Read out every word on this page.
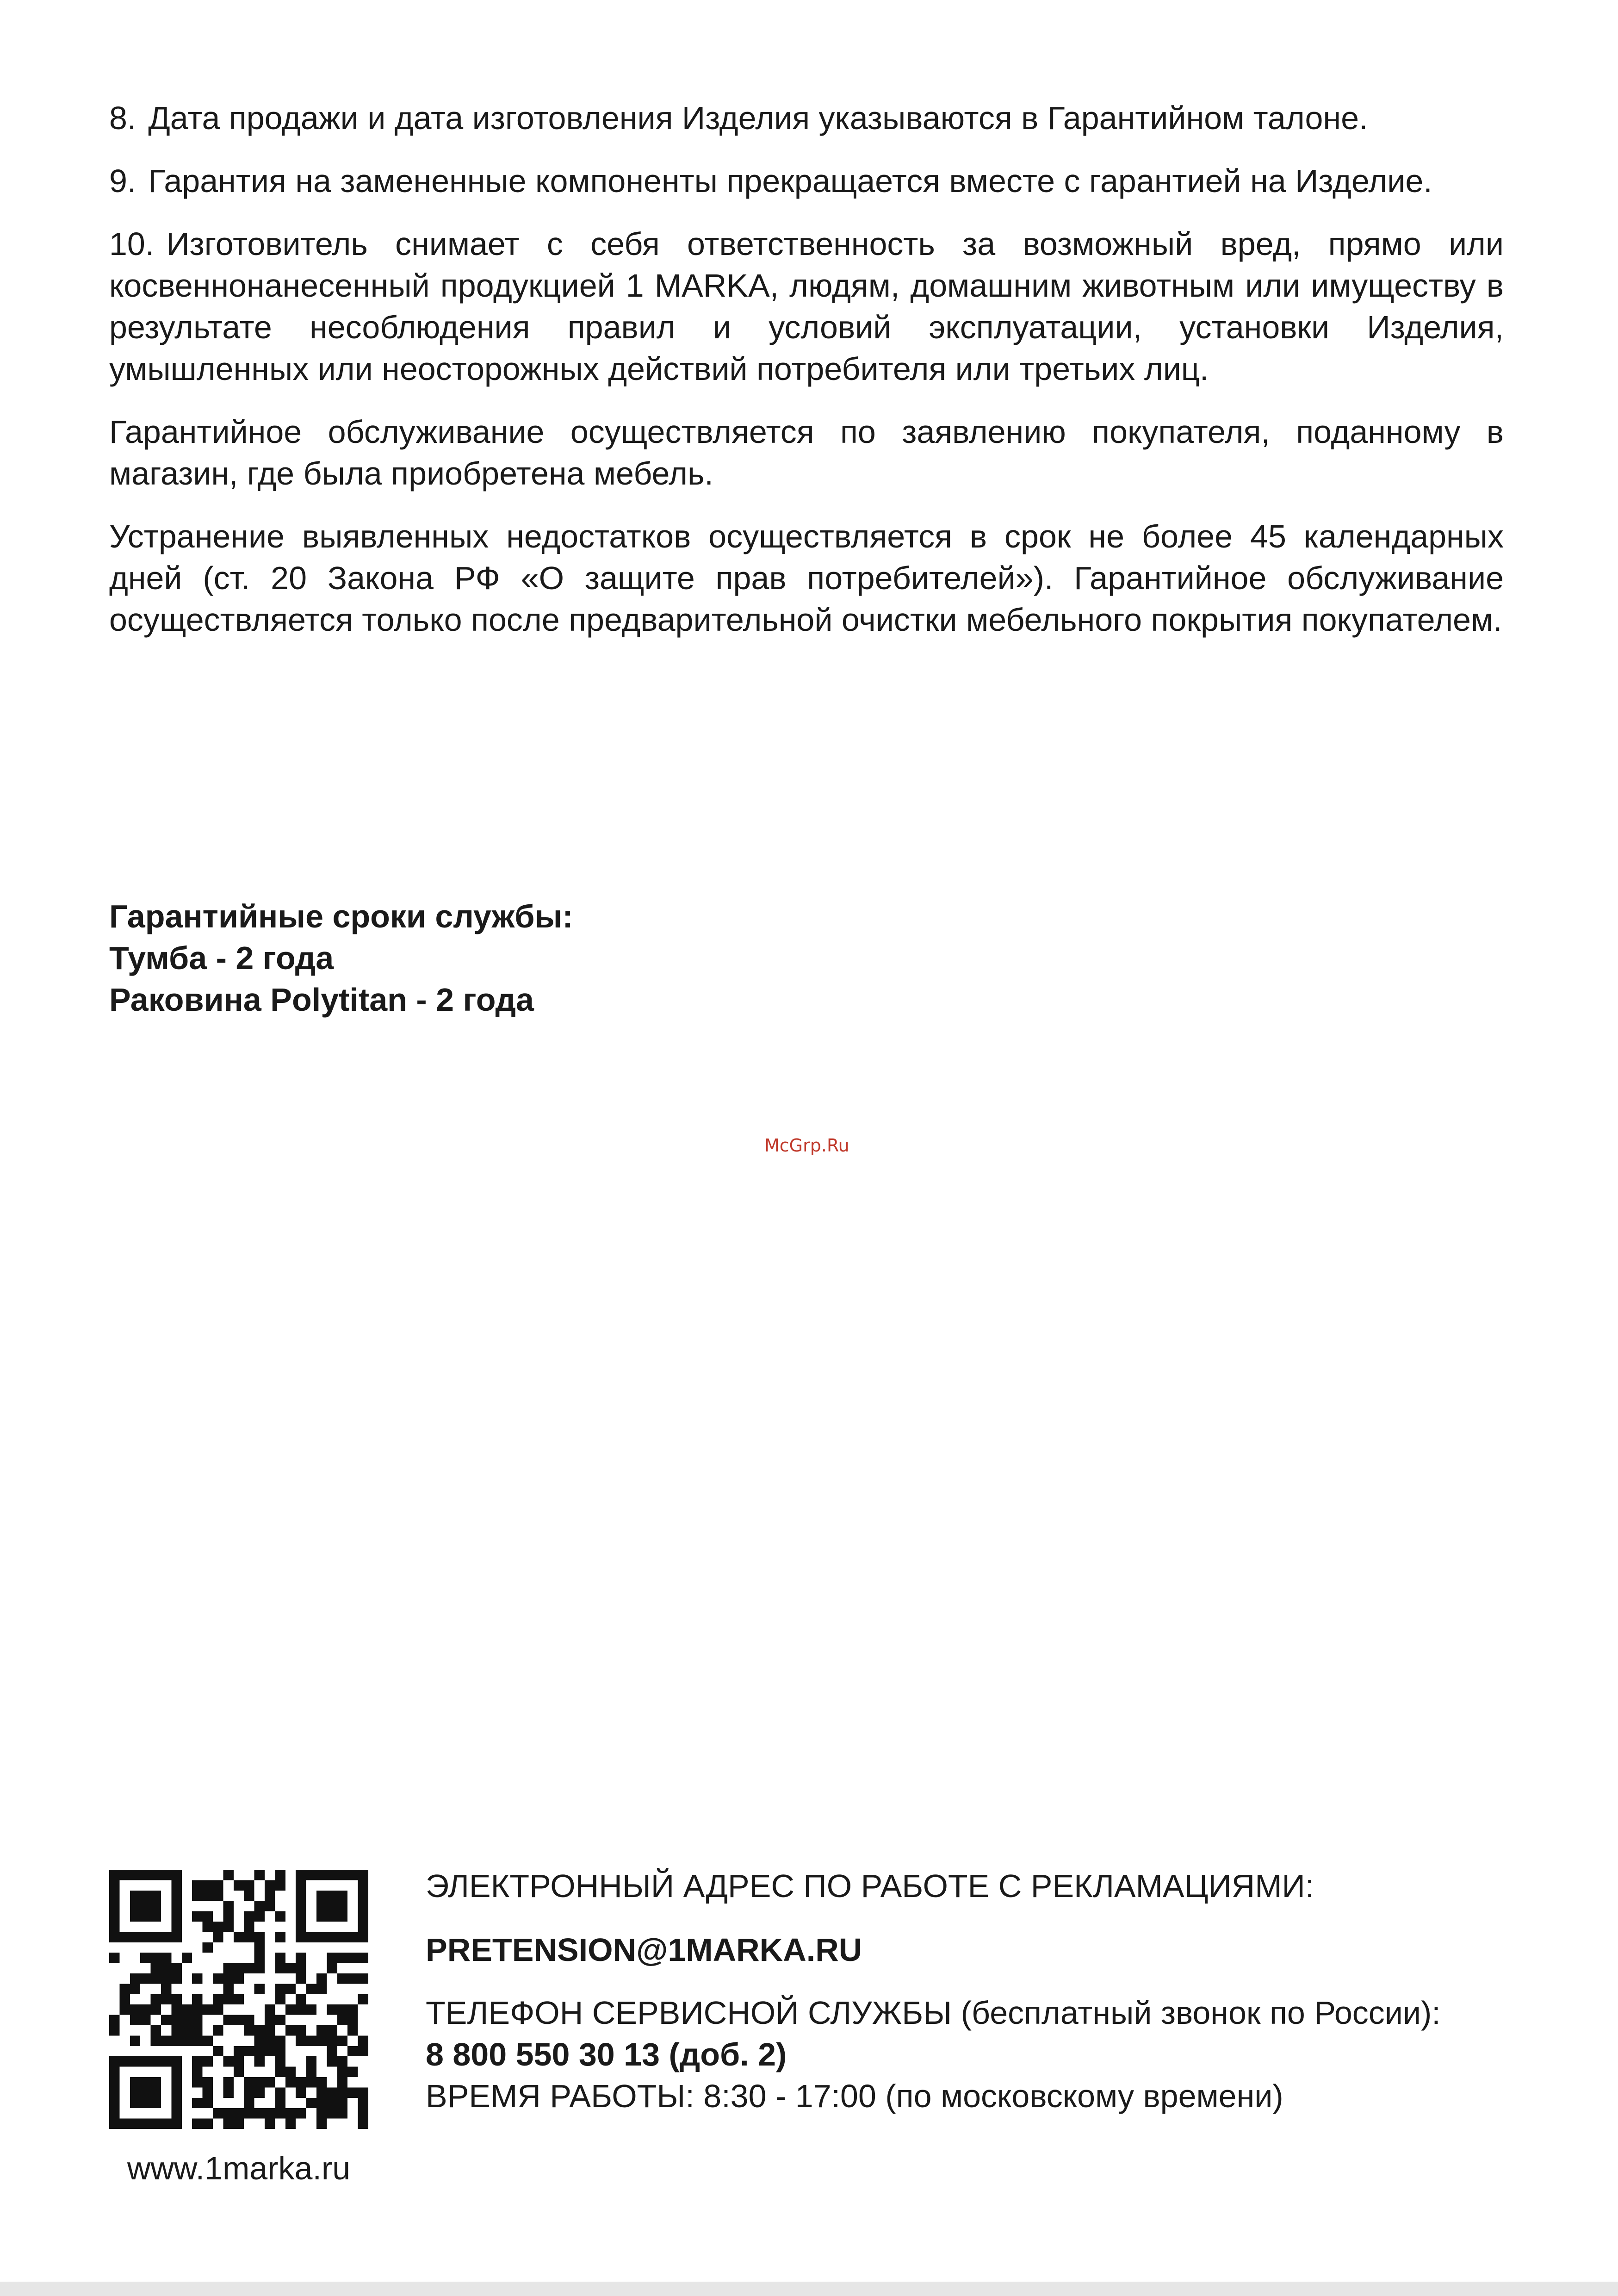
8. Дата продажи и дата изготовления Изделия указываются в Гарантийном талоне.

9. Гарантия на замененные компоненты прекращается вместе с гарантией на Изделие.

10. Изготовитель снимает с себя ответственность за возможный вред, прямо или косвеннонанесенный продукцией 1 MARKA, людям, домашним животным или имуществу в результате несоблюдения правил и условий эксплуатации, установки Изделия, умышленных или неосторожных действий потребителя или третьих лиц.

Гарантийное обслуживание осуществляется по заявлению покупателя, поданному в магазин, где была приобретена мебель.

Устранение выявленных недостатков осуществляется в срок не более 45 календарных дней (ст. 20 Закона РФ «О защите прав потребителей»). Гарантийное обслуживание осуществляется только после предварительной очистки мебельного покрытия покупателем.

Гарантийные сроки службы:
Тумба - 2 года
Раковина Polytitan - 2 года
McGrp.Ru
www.1marka.ru
ЭЛЕКТРОННЫЙ АДРЕС ПО РАБОТЕ С РЕКЛАМАЦИЯМИ:
PRETENSION@1MARKA.RU
ТЕЛЕФОН СЕРВИСНОЙ СЛУЖБЫ (бесплатный звонок по России):
8 800 550 30 13 (доб. 2)
ВРЕМЯ РАБОТЫ: 8:30 - 17:00 (по московскому времени)
